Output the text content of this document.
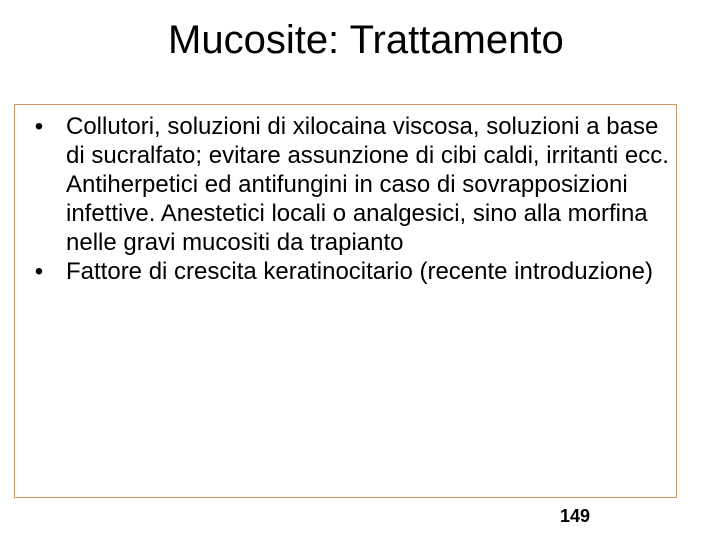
Mucosite: Trattamento
• Collutori, soluzioni di xilocaina viscosa, soluzioni a base di sucralfato; evitare assunzione di cibi caldi, irritanti ecc.  Antiherpetici ed antifungini in caso di sovrapposizioni infettive. Anestetici locali o analgesici, sino alla morfina nelle gravi mucositi da trapianto
• Fattore di crescita keratinocitario (recente introduzione)
149
